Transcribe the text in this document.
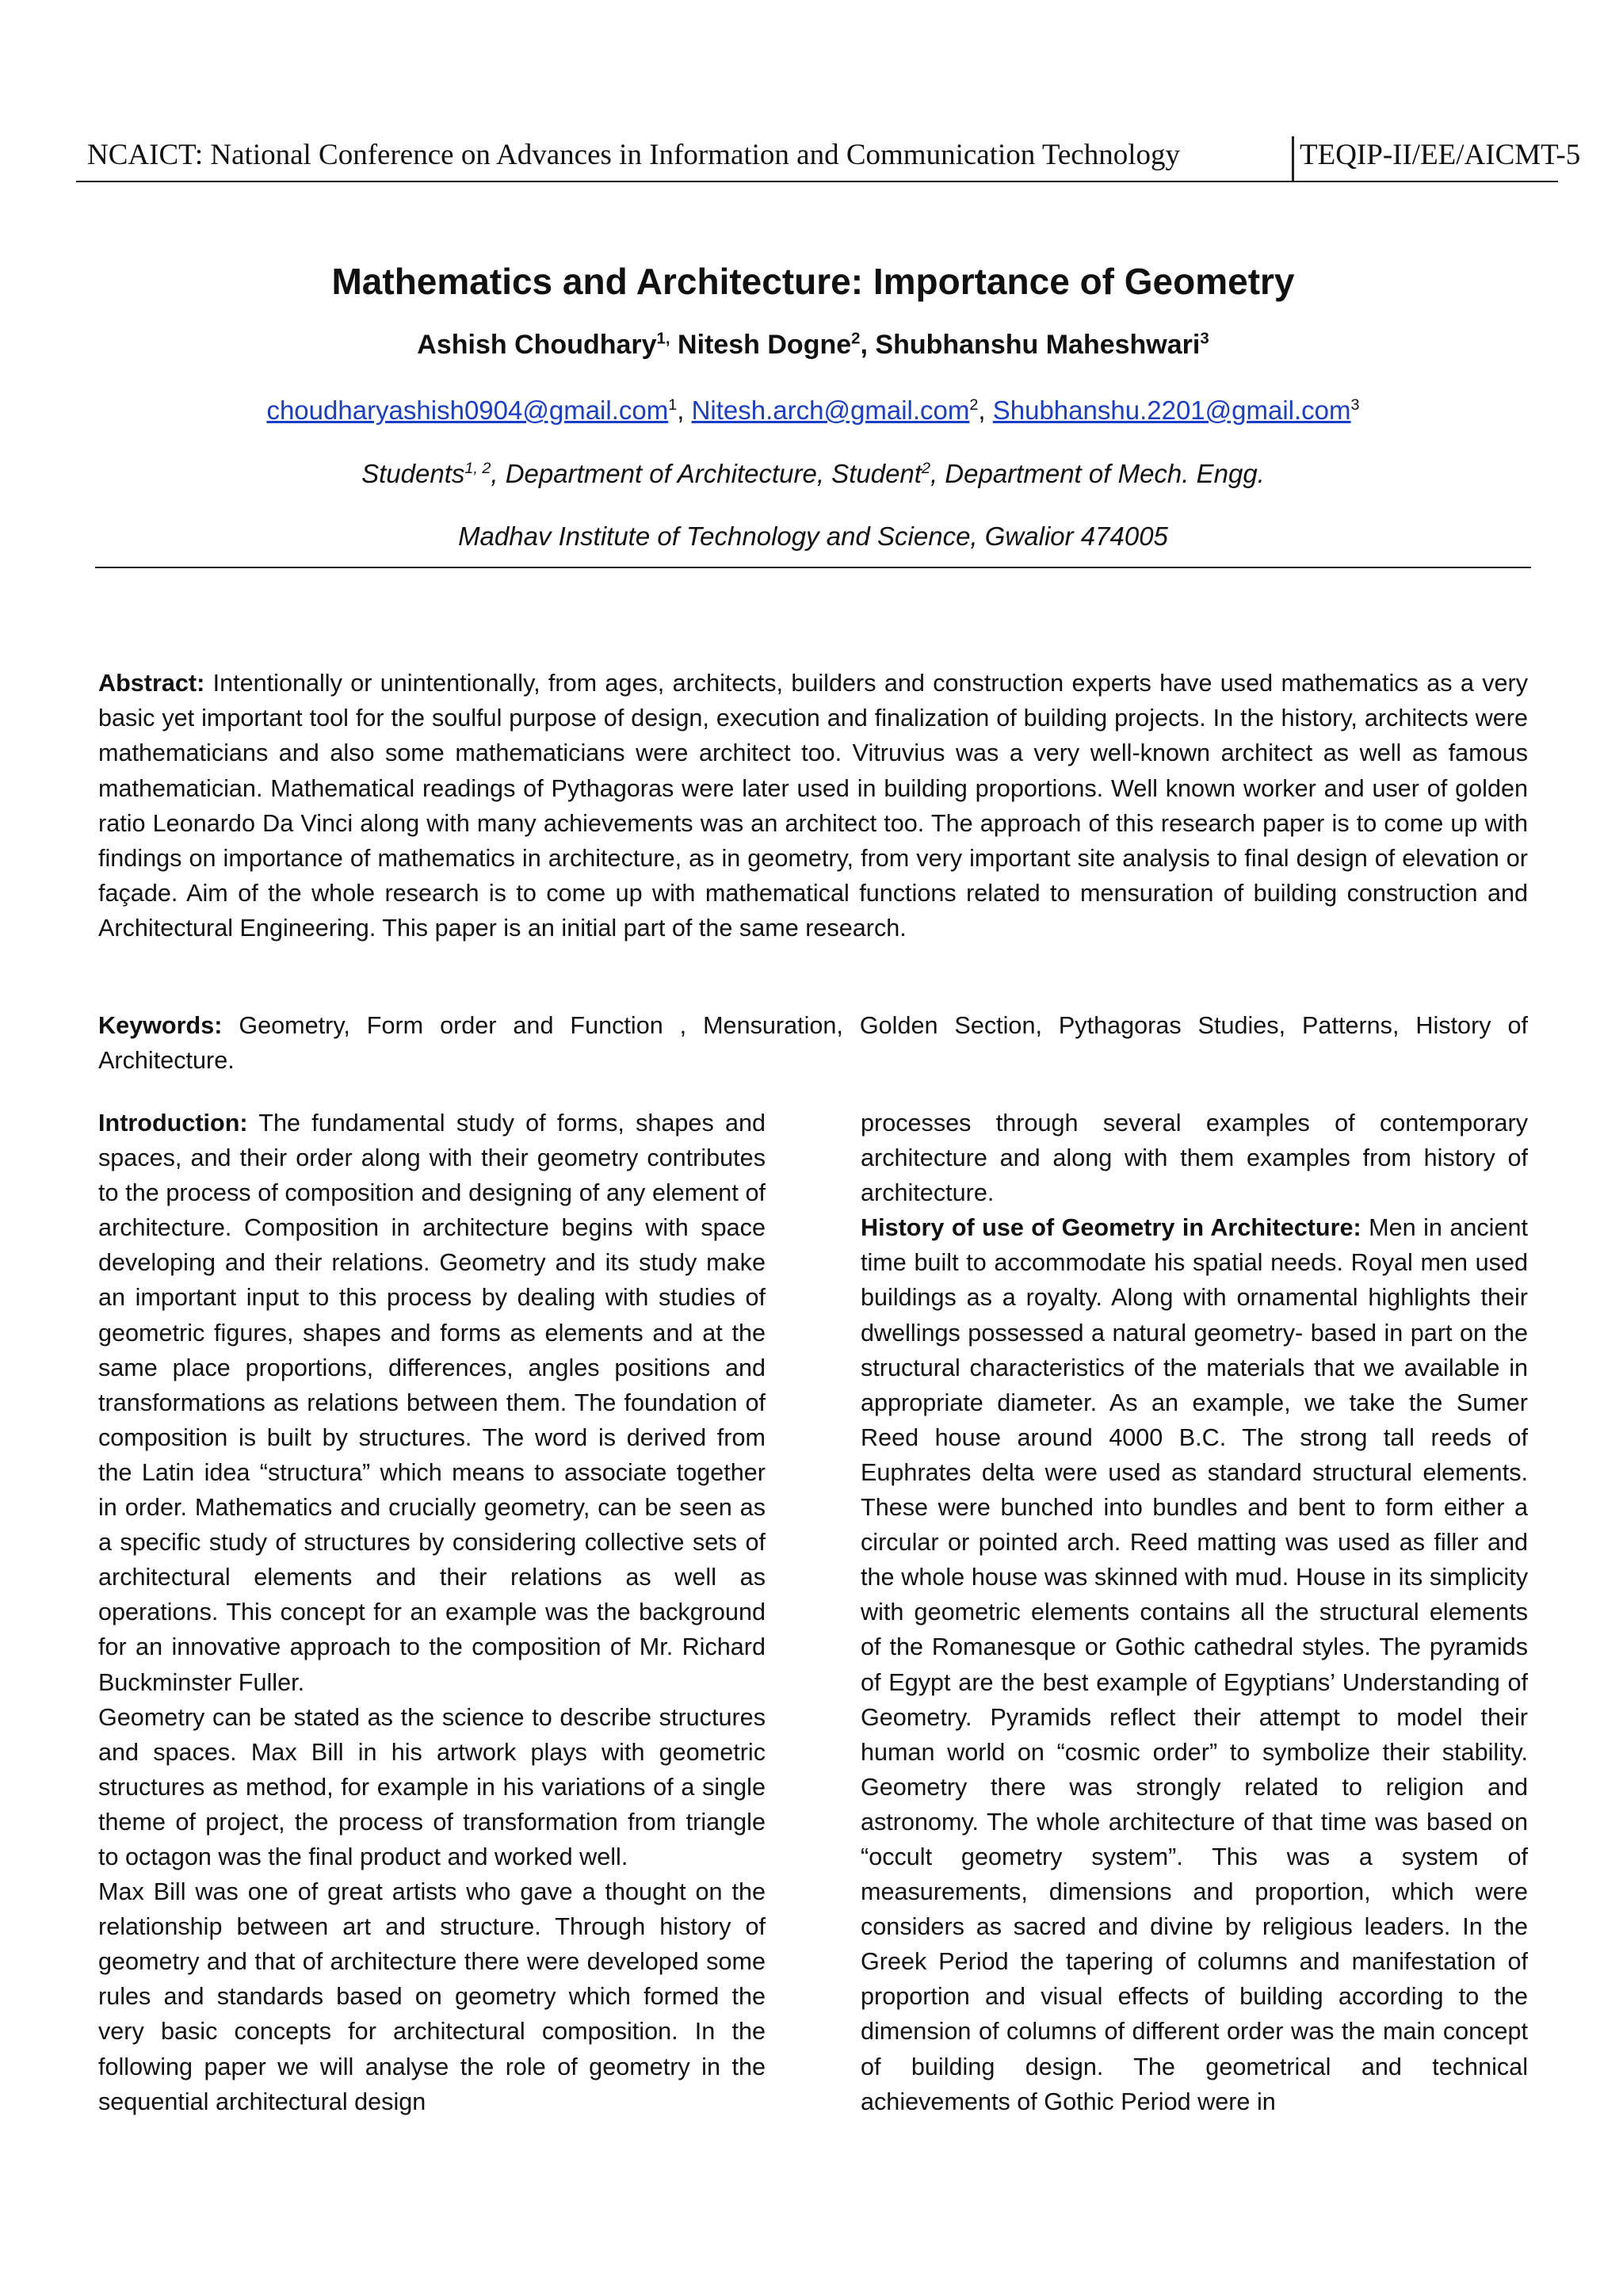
NCAICT: National Conference on Advances in Information and Communication Technology	TEQIP-II/EE/AICMT-5
Mathematics and Architecture: Importance of Geometry

Ashish Choudhary$^{1,}$ Nitesh Dogne$^2$, Shubhanshu Maheshwari$^3$

choudharyashish0904@gmail.com$^1$, Nitesh.arch@gmail.com$^2$, Shubhanshu.2201@gmail.com$^3$

Students$^{1, 2}$, Department of Architecture, Student$^2$, Department of Mech. Engg.

Madhav Institute of Technology and Science, Gwalior 474005

Abstract: Intentionally or unintentionally, from ages, architects, builders and construction experts have used mathematics as a very basic yet important tool for the soulful purpose of design, execution and finalization of building projects. In the history, architects were mathematicians and also some mathematicians were architect too. Vitruvius was a very well-known architect as well as famous mathematician. Mathematical readings of Pythagoras were later used in building proportions. Well known worker and user of golden ratio Leonardo Da Vinci along with many achievements was an architect too. The approach of this research paper is to come up with findings on importance of mathematics in architecture, as in geometry, from very important site analysis to final design of elevation or façade. Aim of the whole research is to come up with mathematical functions related to mensuration of building construction and Architectural Engineering. This paper is an initial part of the same research.

Keywords: Geometry, Form order and Function , Mensuration, Golden Section, Pythagoras Studies, Patterns, History of Architecture.

Introduction: The fundamental study of forms, shapes and spaces, and their order along with their geometry contributes to the process of composition and designing of any element of architecture. Composition in architecture begins with space developing and their relations. Geometry and its study make an important input to this process by dealing with studies of geometric figures, shapes and forms as elements and at the same place proportions, differences, angles positions and transformations as relations between them. The foundation of composition is built by structures. The word is derived from the Latin idea “structura” which means to associate together in order. Mathematics and crucially geometry, can be seen as a specific study of structures by considering collective sets of architectural elements and their relations as well as operations. This concept for an example was the background for an innovative approach to the composition of Mr. Richard Buckminster Fuller.

Geometry can be stated as the science to describe structures and spaces. Max Bill in his artwork plays with geometric structures as method, for example in his variations of a single theme of project, the process of transformation from triangle to octagon was the final product and worked well.

Max Bill was one of great artists who gave a thought on the relationship between art and structure. Through history of geometry and that of architecture there were developed some rules and standards based on geometry which formed the very basic concepts for architectural composition. In the following paper we will analyse the role of geometry in the sequential architectural design

processes through several examples of contemporary architecture and along with them examples from history of architecture.

History of use of Geometry in Architecture: Men in ancient time built to accommodate his spatial needs. Royal men used buildings as a royalty. Along with ornamental highlights their dwellings possessed a natural geometry- based in part on the structural characteristics of the materials that we available in appropriate diameter. As an example, we take the Sumer Reed house around 4000 B.C. The strong tall reeds of Euphrates delta were used as standard structural elements. These were bunched into bundles and bent to form either a circular or pointed arch. Reed matting was used as filler and the whole house was skinned with mud. House in its simplicity with geometric elements contains all the structural elements of the Romanesque or Gothic cathedral styles. The pyramids of Egypt are the best example of Egyptians’ Understanding of Geometry. Pyramids reflect their attempt to model their human world on “cosmic order” to symbolize their stability. Geometry there was strongly related to religion and astronomy. The whole architecture of that time was based on “occult geometry system”. This was a system of measurements, dimensions and proportion, which were considers as sacred and divine by religious leaders. In the Greek Period the tapering of columns and manifestation of proportion and visual effects of building according to the dimension of columns of different order was the main concept of building design. The geometrical and technical achievements of Gothic Period were in
